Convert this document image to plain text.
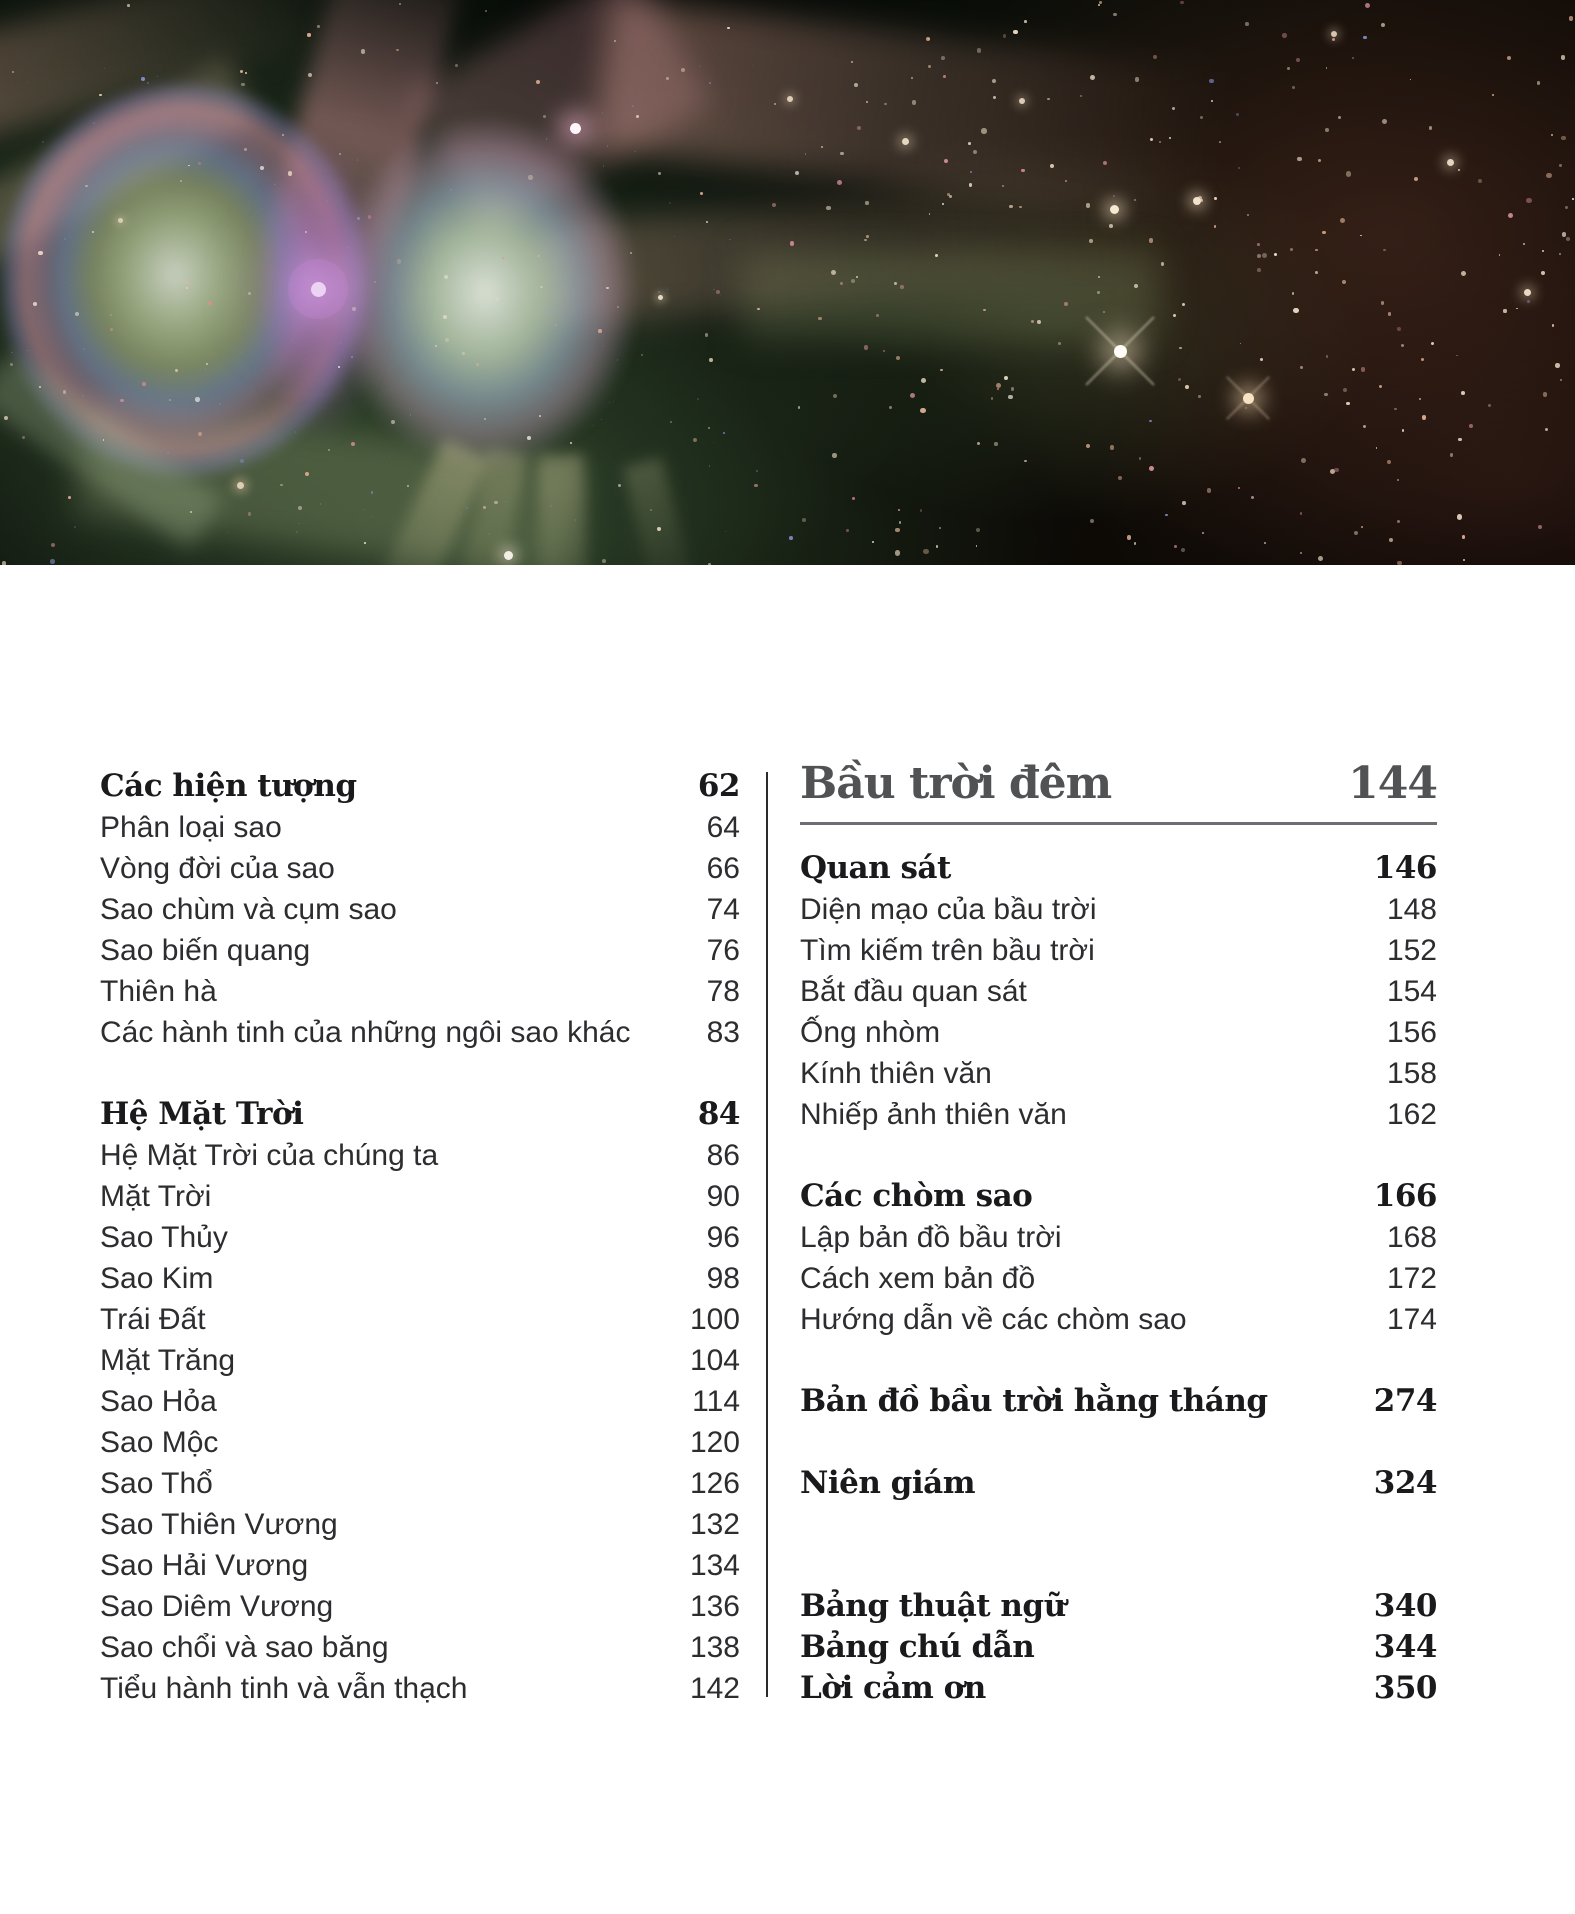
Các hiện tượng	62
Phân loại sao	64
Vòng đời của sao	66
Sao chùm và cụm sao	74
Sao biến quang	76
Thiên hà	78
Các hành tinh của những ngôi sao khác	83
Hệ Mặt Trời	84
Hệ Mặt Trời của chúng ta	86
Mặt Trời	90
Sao Thủy	96
Sao Kim	98
Trái Đất	100
Mặt Trăng	104
Sao Hỏa	114
Sao Mộc	120
Sao Thổ	126
Sao Thiên Vương	132
Sao Hải Vương	134
Sao Diêm Vương	136
Sao chổi và sao băng	138
Tiểu hành tinh và vẫn thạch	142
Bầu trời đêm	144
Quan sát	146
Diện mạo của bầu trời	148
Tìm kiếm trên bầu trời	152
Bắt đầu quan sát	154
Ống nhòm	156
Kính thiên văn	158
Nhiếp ảnh thiên văn	162
Các chòm sao	166
Lập bản đồ bầu trời	168
Cách xem bản đồ	172
Hướng dẫn về các chòm sao	174
Bản đồ bầu trời hằng tháng	274
Niên giám	324
Bảng thuật ngữ	340
Bảng chú dẫn	344
Lời cảm ơn	350
